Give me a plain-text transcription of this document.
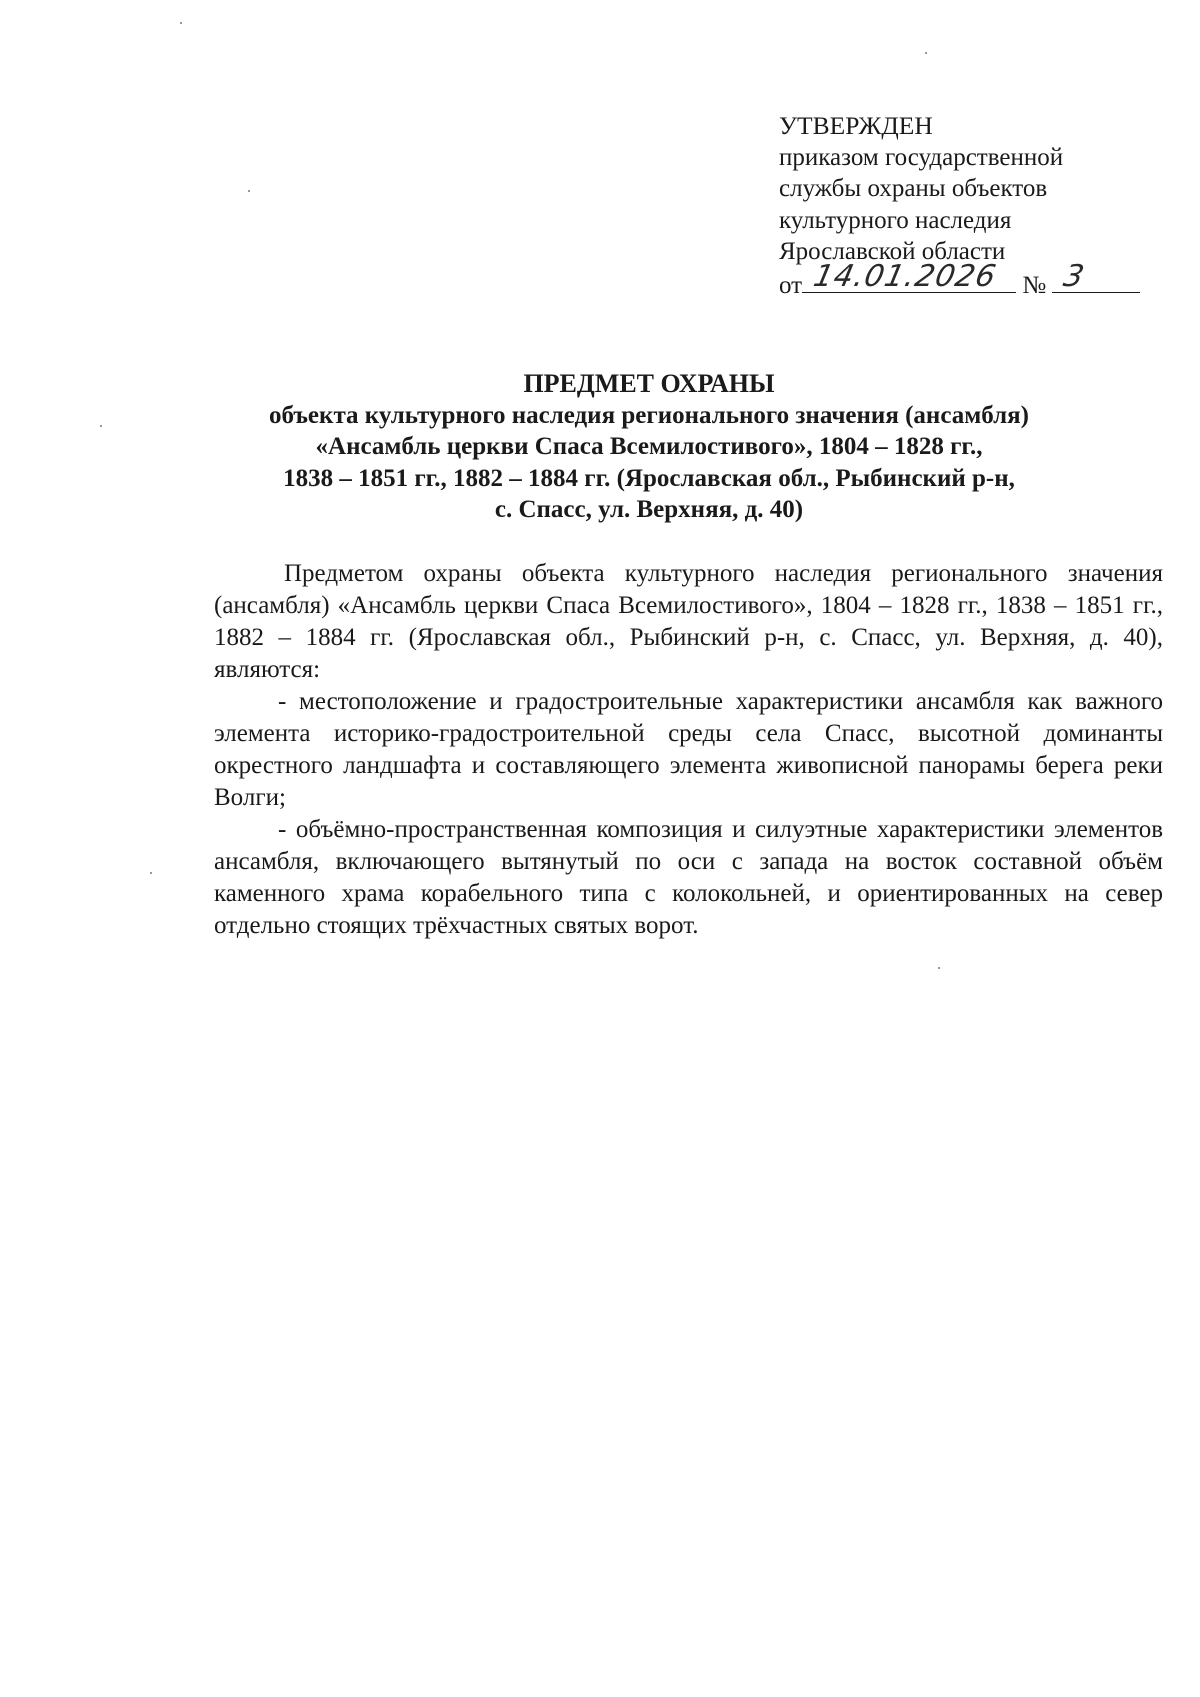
УТВЕРЖДЕН
приказом государственной
службы охраны объектов
культурного наследия
Ярославской области
от 14.01.2026 № 3
ПРЕДМЕТ ОХРАНЫ
объекта культурного наследия регионального значения (ансамбля)
«Ансамбль церкви Спаса Всемилостивого», 1804 – 1828 гг.,
1838 – 1851 гг., 1882 – 1884 гг. (Ярославская обл., Рыбинский р-н,
с. Спасс, ул. Верхняя, д. 40)

Предметом охраны объекта культурного наследия регионального значения (ансамбля) «Ансамбль церкви Спаса Всемилостивого», 1804 – 1828 гг., 1838 – 1851 гг., 1882 – 1884 гг. (Ярославская обл., Рыбинский р-н, с. Спасс, ул. Верхняя, д. 40), являются:

- местоположение и градостроительные характеристики ансамбля как важного элемента историко-градостроительной среды села Спасс, высотной доминанты окрестного ландшафта и составляющего элемента живописной панорамы берега реки Волги;

- объёмно-пространственная композиция и силуэтные характеристики элементов ансамбля, включающего вытянутый по оси с запада на восток составной объём каменного храма корабельного типа с колокольней, и ориентированных на север отдельно стоящих трёхчастных святых ворот.
